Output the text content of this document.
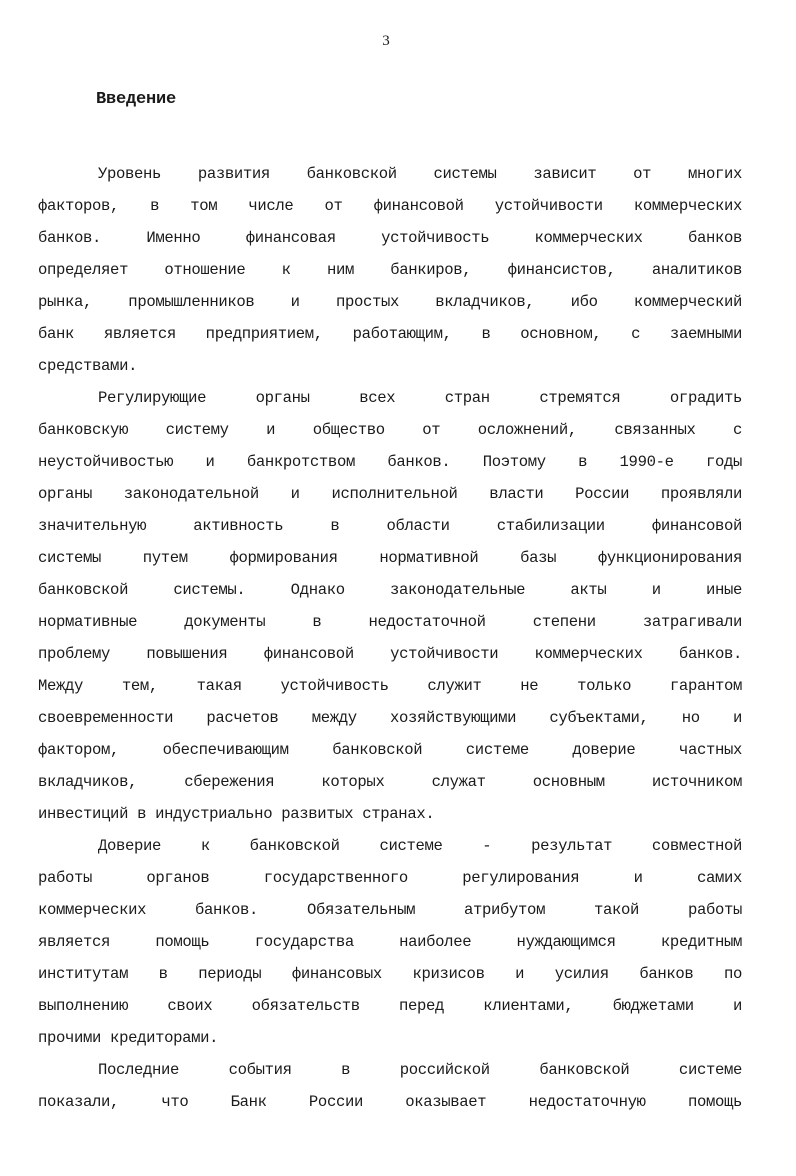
3
Введение
Уровень развития банковской системы зависит от многих
факторов, в том числе от финансовой устойчивости коммерческих
банков. Именно финансовая устойчивость коммерческих банков
определяет отношение к ним банкиров, финансистов, аналитиков
рынка, промышленников и простых вкладчиков, ибо коммерческий
банк является предприятием, работающим, в основном, с заемными
средствами.
Регулирующие органы всех стран стремятся оградить
банковскую систему и общество от осложнений, связанных с
неустойчивостью и банкротством банков. Поэтому в 1990-е годы
органы законодательной и исполнительной власти России проявляли
значительную активность в области стабилизации финансовой
системы путем формирования нормативной базы функционирования
банковской системы. Однако законодательные акты и иные
нормативные документы в недостаточной степени затрагивали
проблему повышения финансовой устойчивости коммерческих банков.
Между тем, такая устойчивость служит не только гарантом
своевременности расчетов между хозяйствующими субъектами, но и
фактором, обеспечивающим банковской системе доверие частных
вкладчиков, сбережения которых служат основным источником
инвестиций в индустриально развитых странах.
Доверие к банковской системе - результат совместной
работы органов государственного регулирования и самих
коммерческих банков. Обязательным атрибутом такой работы
является помощь государства наиболее нуждающимся кредитным
институтам в периоды финансовых кризисов и усилия банков по
выполнению своих обязательств перед клиентами, бюджетами и
прочими кредиторами.
Последние события в российской банковской системе
показали, что Банк России оказывает недостаточную помощь
